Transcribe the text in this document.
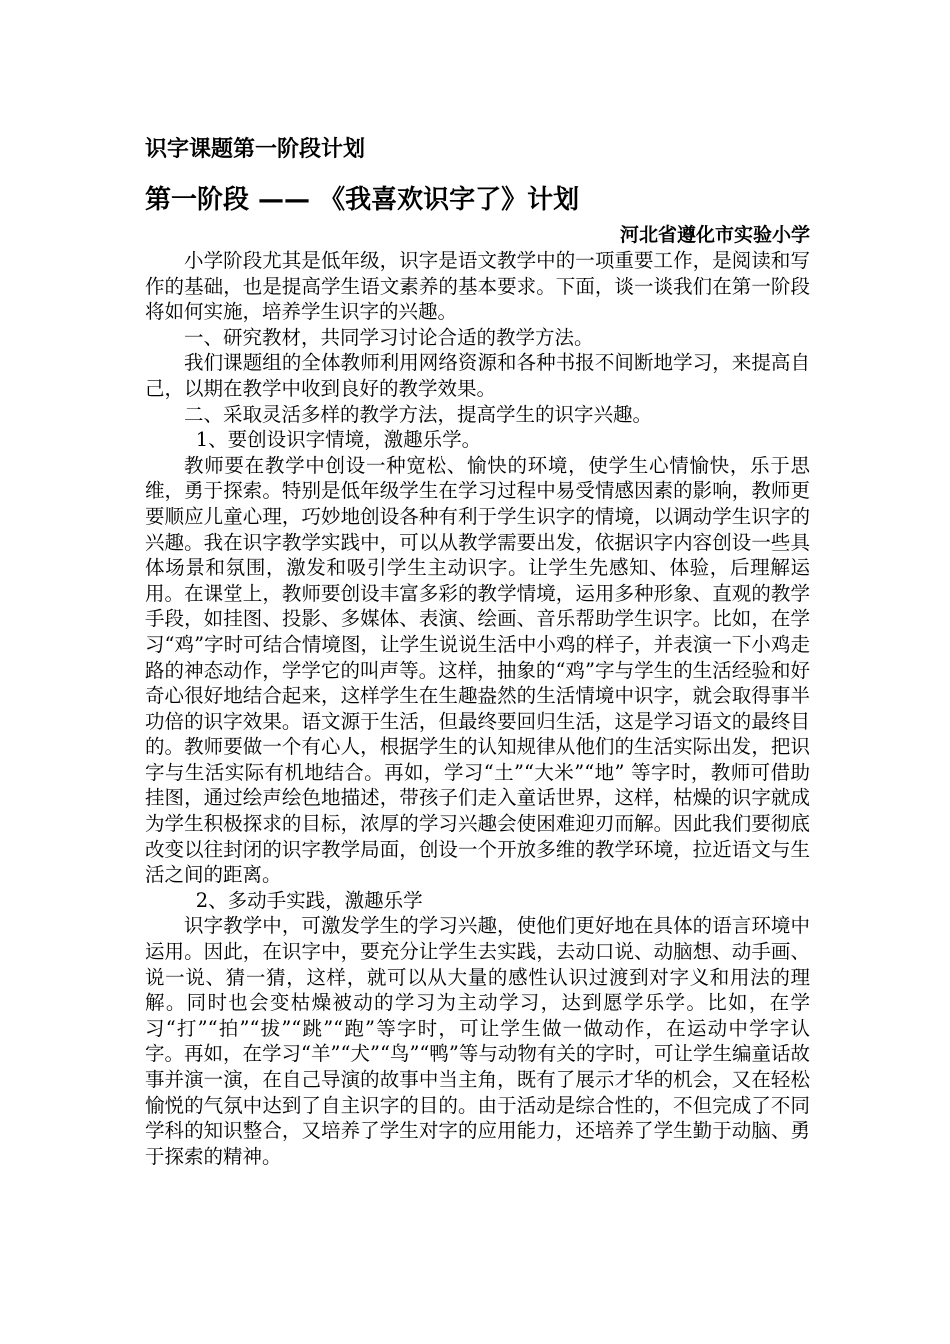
识字课题第一阶段计划
第一阶段 —— 《我喜欢识字了》计划
河北省遵化市实验小学

小学阶段尤其是低年级，识字是语文教学中的一项重要工作，是阅读和写作的基础，也是提高学生语文素养的基本要求。下面，谈一谈我们在第一阶段将如何实施，培养学生识字的兴趣。

一、研究教材，共同学习讨论合适的教学方法。

我们课题组的全体教师利用网络资源和各种书报不间断地学习，来提高自己，以期在教学中收到良好的教学效果。

二、采取灵活多样的教学方法，提高学生的识字兴趣。

1、要创设识字情境，激趣乐学。

教师要在教学中创设一种宽松、愉快的环境，使学生心情愉快，乐于思维，勇于探索。特别是低年级学生在学习过程中易受情感因素的影响，教师更要顺应儿童心理，巧妙地创设各种有利于学生识字的情境，以调动学生识字的兴趣。我在识字教学实践中，可以从教学需要出发，依据识字内容创设一些具体场景和氛围，激发和吸引学生主动识字。让学生先感知、体验，后理解运用。在课堂上，教师要创设丰富多彩的教学情境，运用多种形象、直观的教学手段，如挂图、投影、多媒体、表演、绘画、音乐帮助学生识字。比如，在学习“鸡”字时可结合情境图，让学生说说生活中小鸡的样子，并表演一下小鸡走路的神态动作，学学它的叫声等。这样，抽象的“鸡”字与学生的生活经验和好奇心很好地结合起来，这样学生在生趣盎然的生活情境中识字，就会取得事半功倍的识字效果。语文源于生活，但最终要回归生活，这是学习语文的最终目的。教师要做一个有心人，根据学生的认知规律从他们的生活实际出发，把识字与生活实际有机地结合。再如，学习“土”“大米”“地” 等字时，教师可借助挂图，通过绘声绘色地描述，带孩子们走入童话世界，这样，枯燥的识字就成为学生积极探求的目标，浓厚的学习兴趣会使困难迎刃而解。因此我们要彻底改变以往封闭的识字教学局面，创设一个开放多维的教学环境，拉近语文与生活之间的距离。

2、多动手实践，激趣乐学

识字教学中，可激发学生的学习兴趣，使他们更好地在具体的语言环境中运用。因此，在识字中，要充分让学生去实践，去动口说、动脑想、动手画、说一说、猜一猜，这样，就可以从大量的感性认识过渡到对字义和用法的理解。同时也会变枯燥被动的学习为主动学习，达到愿学乐学。比如，在学习“打”“拍”“拔”“跳”“跑”等字时，可让学生做一做动作，在运动中学字认字。再如，在学习“羊”“犬”“鸟”“鸭”等与动物有关的字时，可让学生编童话故事并演一演，在自己导演的故事中当主角，既有了展示才华的机会，又在轻松愉悦的气氛中达到了自主识字的目的。由于活动是综合性的，不但完成了不同学科的知识整合，又培养了学生对字的应用能力，还培养了学生勤于动脑、勇于探索的精神。
